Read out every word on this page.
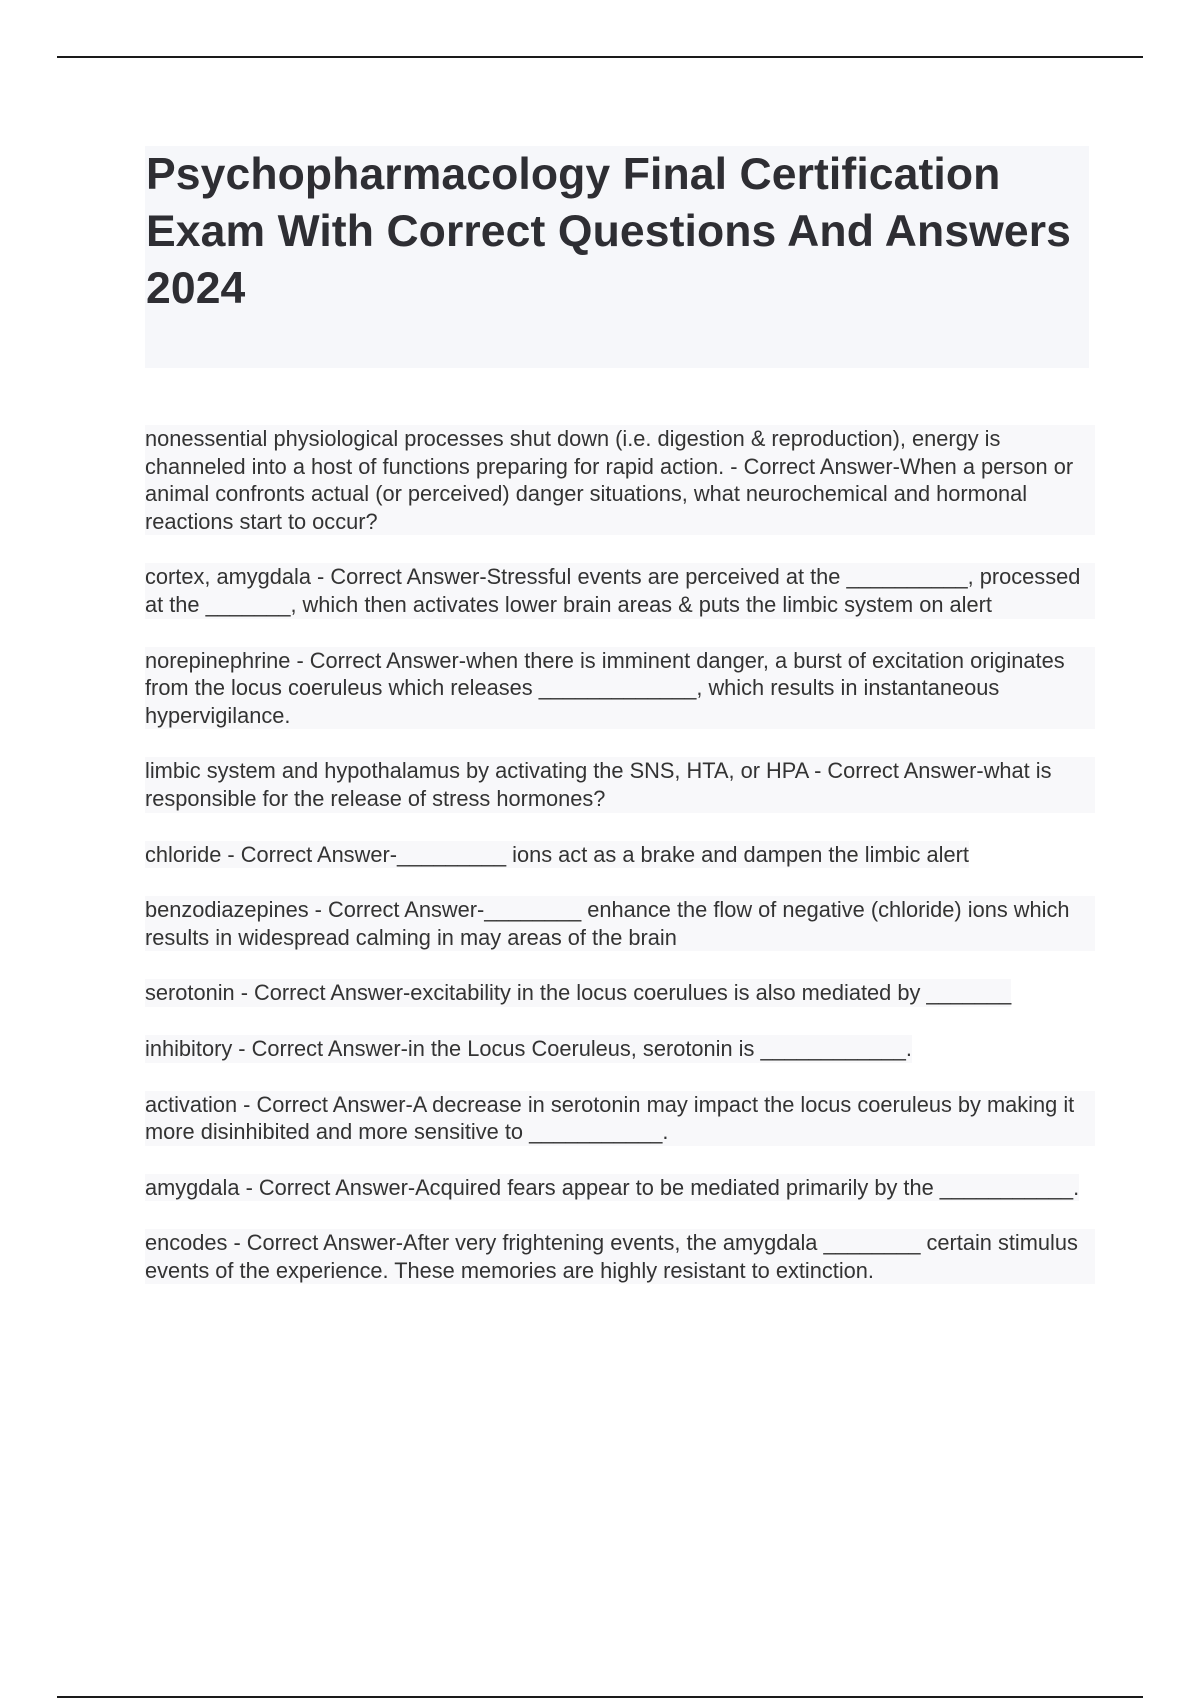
Psychopharmacology Final Certification Exam With Correct Questions And Answers 2024
nonessential physiological processes shut down (i.e. digestion & reproduction), energy is channeled into a host of functions preparing for rapid action. - Correct Answer-When a person or animal confronts actual (or perceived) danger situations, what neurochemical and hormonal reactions start to occur?
cortex, amygdala - Correct Answer-Stressful events are perceived at the __________, processed at the _______, which then activates lower brain areas & puts the limbic system on alert
norepinephrine - Correct Answer-when there is imminent danger, a burst of excitation originates from the locus coeruleus which releases _____________, which results in instantaneous hypervigilance.
limbic system and hypothalamus by activating the SNS, HTA, or HPA - Correct Answer-what is responsible for the release of stress hormones?
chloride - Correct Answer-_________ ions act as a brake and dampen the limbic alert
benzodiazepines - Correct Answer-________ enhance the flow of negative (chloride) ions which results in widespread calming in may areas of the brain
serotonin - Correct Answer-excitability in the locus coerulues is also mediated by _______
inhibitory - Correct Answer-in the Locus Coeruleus, serotonin is ____________.
activation - Correct Answer-A decrease in serotonin may impact the locus coeruleus by making it more disinhibited and more sensitive to ___________.
amygdala - Correct Answer-Acquired fears appear to be mediated primarily by the ___________.
encodes - Correct Answer-After very frightening events, the amygdala ________ certain stimulus events of the experience. These memories are highly resistant to extinction.
